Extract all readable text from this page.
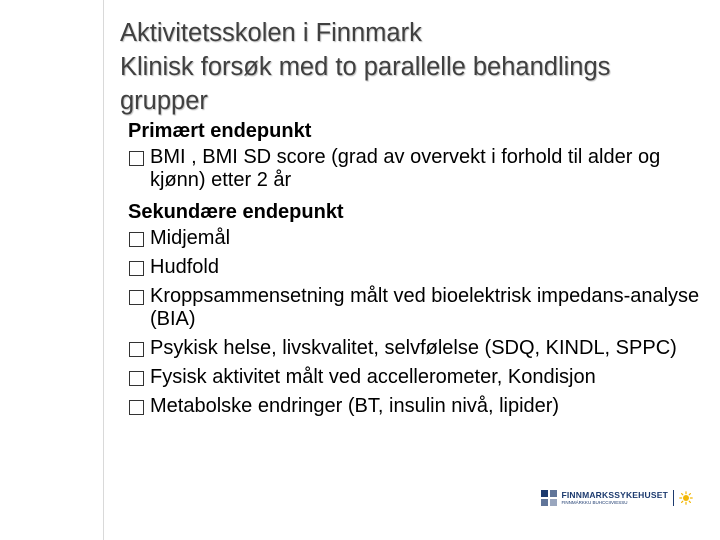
Aktivitetsskolen i Finnmark
Klinisk forsøk med to parallelle behandlings
grupper
Primært endepunkt
BMI , BMI SD score (grad av overvekt i forhold til alder og kjønn) etter 2 år
Sekundære endepunkt
Midjemål
Hudfold
Kroppsammensetning målt ved bioelektrisk impedans-analyse (BIA)
Psykisk helse, livskvalitet, selvfølelse (SDQ, KINDL, SPPC)
Fysisk aktivitet målt ved accellerometer, Kondisjon
Metabolske endringer (BT, insulin nivå, lipider)
FINNMARKSSYKEHUSET
FINNMÁRKKU BUHCCIIVIESSU
